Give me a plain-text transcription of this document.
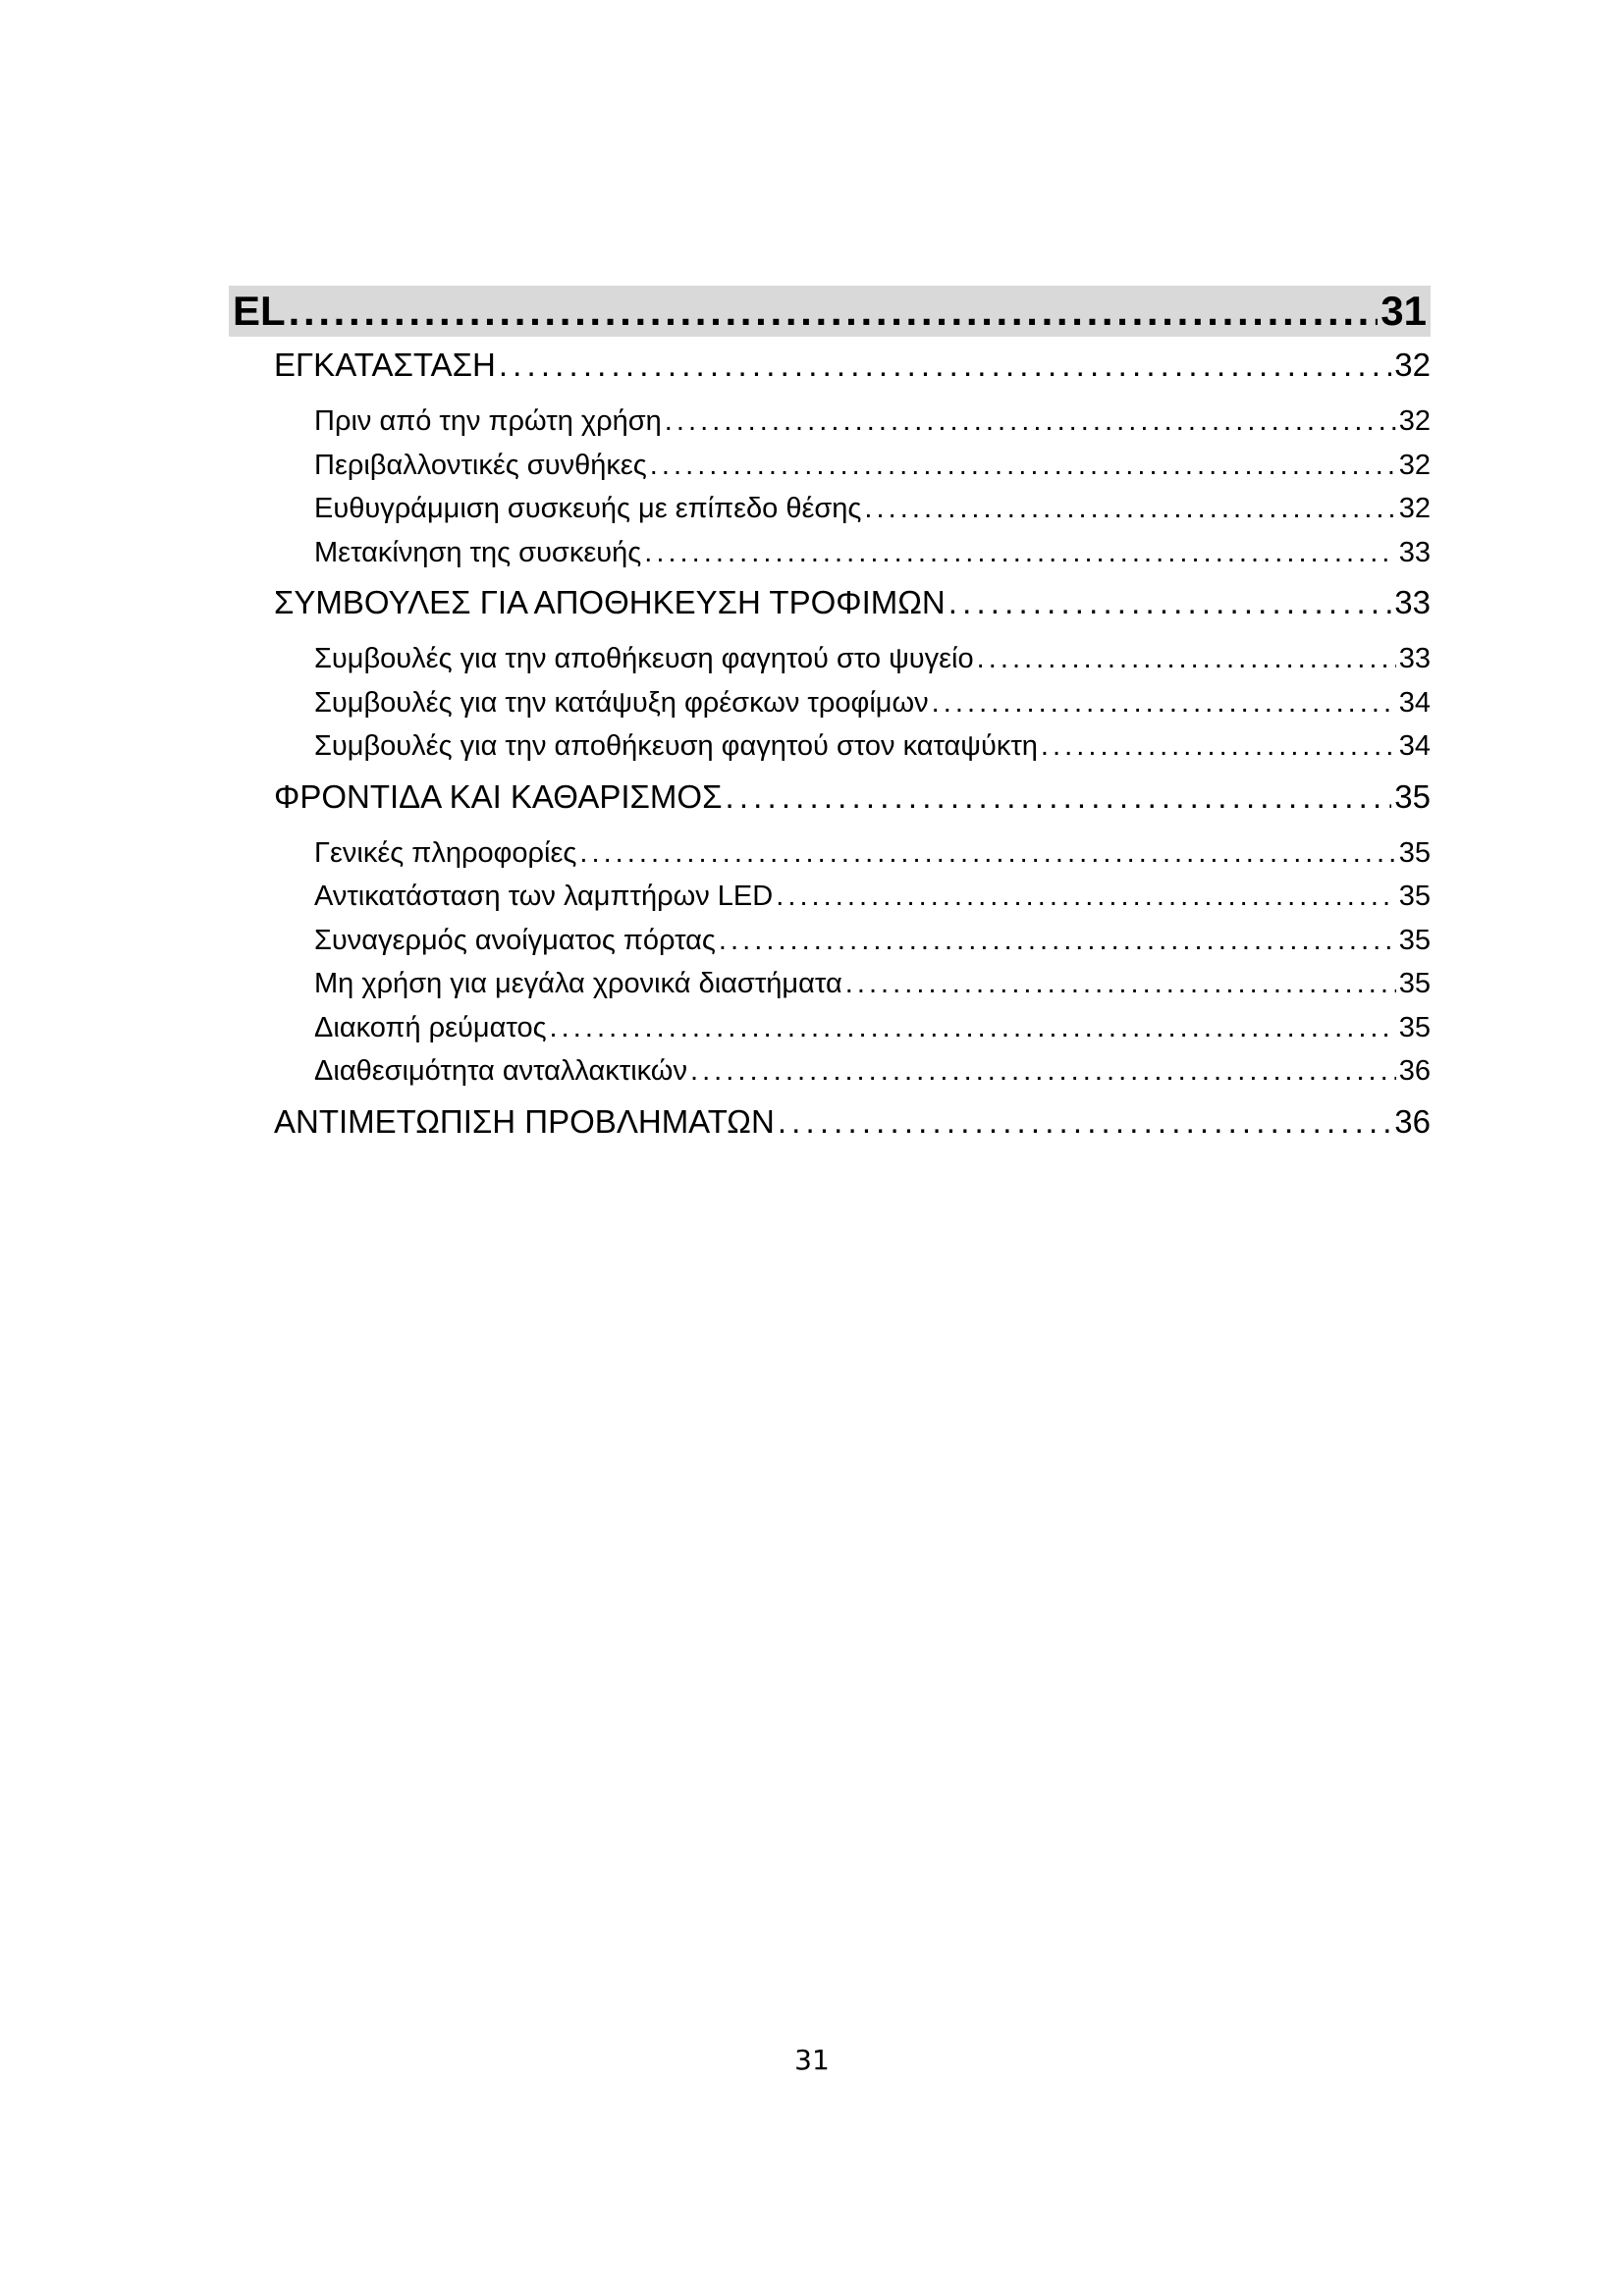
EL . . .	31
ΕΓΚΑΤΑΣΤΑΣΗ . . .	32
Πριν από την πρώτη χρήση . . .	32
Περιβαλλοντικές συνθήκες . . .	32
Ευθυγράμμιση συσκευής με επίπεδο θέσης . . .	32
Μετακίνηση της συσκευής . . .	33
ΣΥΜΒΟΥΛΕΣ ΓΙΑ ΑΠΟΘΗΚΕΥΣΗ ΤΡΟΦΙΜΩΝ . . .	33
Συμβουλές για την αποθήκευση φαγητού στο ψυγείο . . .	33
Συμβουλές για την κατάψυξη φρέσκων τροφίμων . . .	34
Συμβουλές για την αποθήκευση φαγητού στον καταψύκτη . . .	34
ΦΡΟΝΤΙΔΑ ΚΑΙ ΚΑΘΑΡΙΣΜΟΣ . . .	35
Γενικές πληροφορίες . . .	35
Αντικατάσταση των λαμπτήρων LED . . .	35
Συναγερμός ανοίγματος πόρτας . . .	35
Μη χρήση για μεγάλα χρονικά διαστήματα . . .	35
Διακοπή ρεύματος . . .	35
Διαθεσιμότητα ανταλλακτικών . . .	36
ΑΝΤΙΜΕΤΩΠΙΣΗ ΠΡΟΒΛΗΜΑΤΩΝ . . .	36
31
